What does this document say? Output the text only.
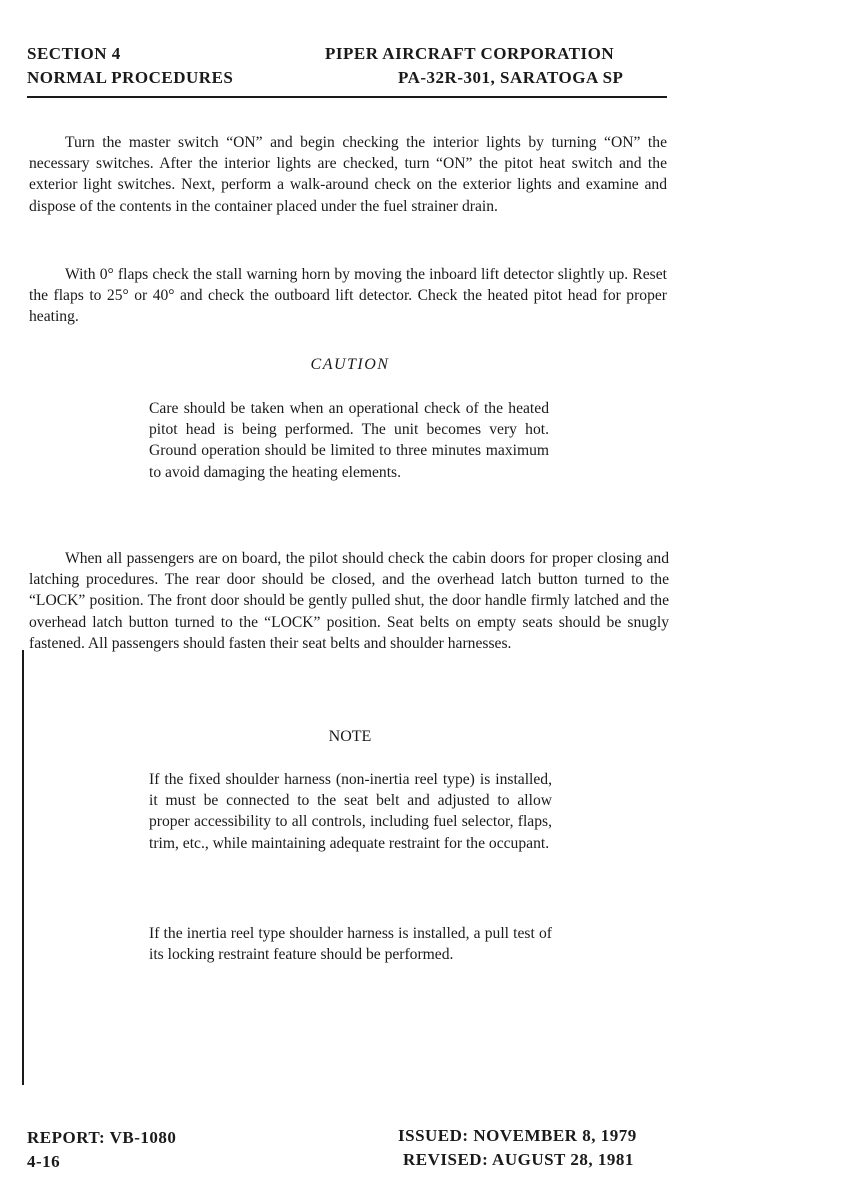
SECTION 4
NORMAL PROCEDURES
PIPER AIRCRAFT CORPORATION
PA-32R-301, SARATOGA SP

Turn the master switch “ON” and begin checking the interior lights by turning “ON” the necessary switches. After the interior lights are checked, turn “ON” the pitot heat switch and the exterior light switches. Next, perform a walk-around check on the exterior lights and examine and dispose of the contents in the container placed under the fuel strainer drain.

With 0° flaps check the stall warning horn by moving the inboard lift detector slightly up. Reset the flaps to 25° or 40° and check the outboard lift detector. Check the heated pitot head for proper heating.

CAUTION

Care should be taken when an operational check of the heated pitot head is being performed. The unit becomes very hot. Ground operation should be limited to three minutes maximum to avoid damaging the heating elements.

When all passengers are on board, the pilot should check the cabin doors for proper closing and latching procedures. The rear door should be closed, and the overhead latch button turned to the “LOCK” position. The front door should be gently pulled shut, the door handle firmly latched and the overhead latch button turned to the “LOCK” position. Seat belts on empty seats should be snugly fastened. All passengers should fasten their seat belts and shoulder harnesses.

NOTE

If the fixed shoulder harness (non-inertia reel type) is installed, it must be connected to the seat belt and adjusted to allow proper accessibility to all controls, including fuel selector, flaps, trim, etc., while maintaining adequate restraint for the occupant.

If the inertia reel type shoulder harness is installed, a pull test of its locking restraint feature should be performed.

REPORT: VB-1080
4-16
ISSUED: NOVEMBER 8, 1979
REVISED: AUGUST 28, 1981
